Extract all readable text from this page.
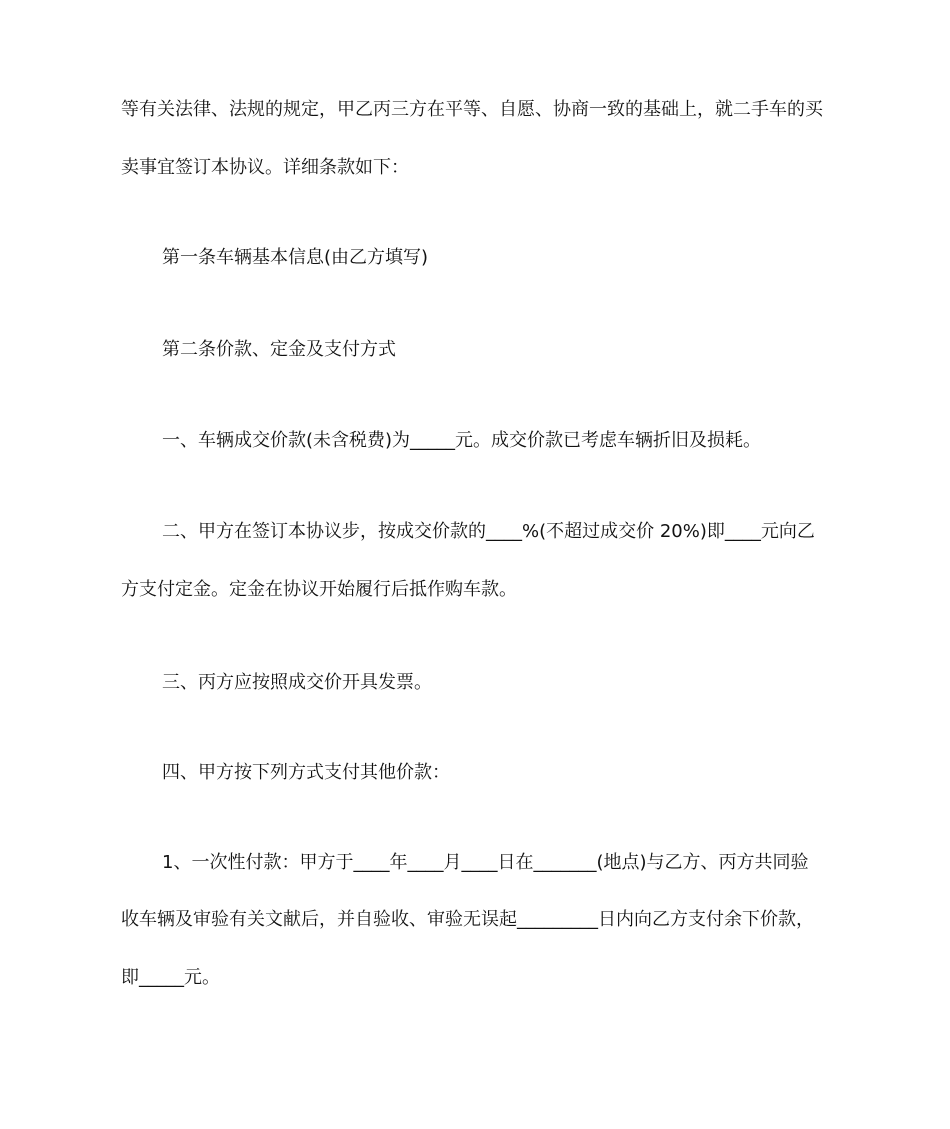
等有关法律、法规的规定，甲乙丙三方在平等、自愿、协商一致的基础上，就二手车的买
卖事宜签订本协议。详细条款如下：
第一条车辆基本信息(由乙方填写)
第二条价款、定金及支付方式
一、车辆成交价款(未含税费)为_____元。成交价款已考虑车辆折旧及损耗。
二、甲方在签订本协议步，按成交价款的____%(不超过成交价 20%)即____元向乙
方支付定金。定金在协议开始履行后抵作购车款。
三、丙方应按照成交价开具发票。
四、甲方按下列方式支付其他价款：
1、一次性付款：甲方于____年____月____日在_______(地点)与乙方、丙方共同验
收车辆及审验有关文献后，并自验收、审验无误起_________日内向乙方支付余下价款，
即_____元。
